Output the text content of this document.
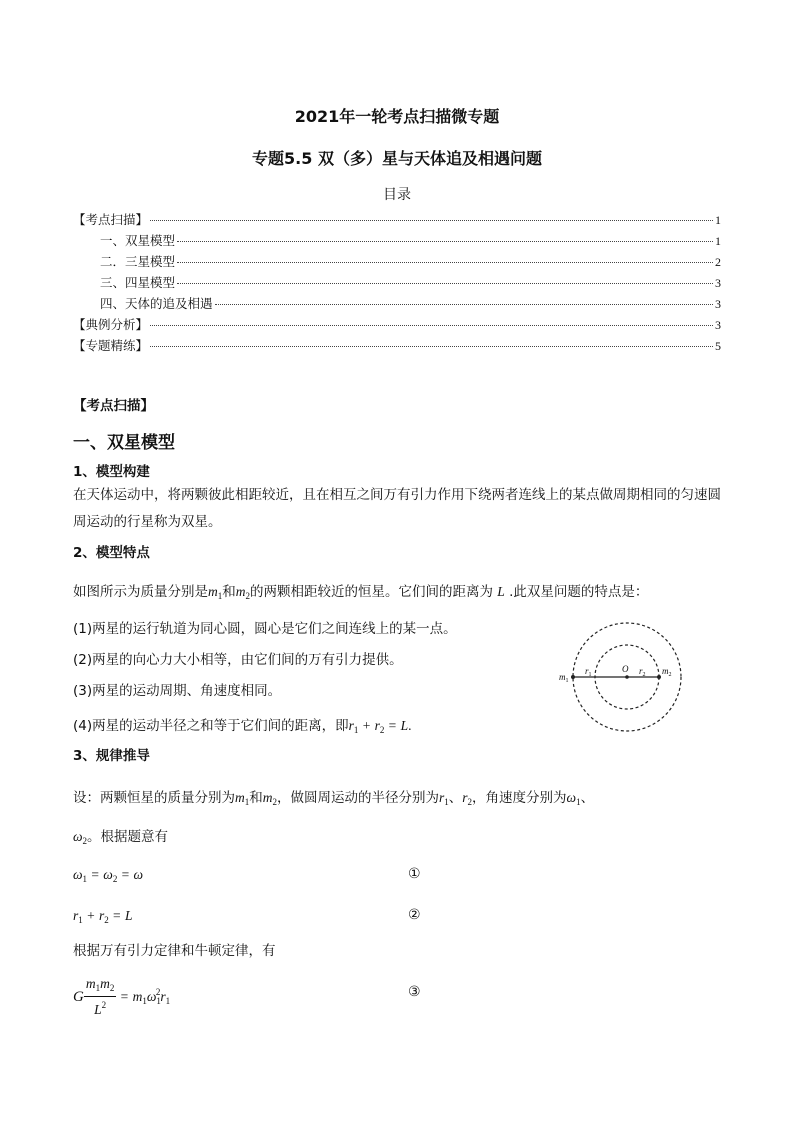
2021年一轮考点扫描微专题
专题5.5 双（多）星与天体追及相遇问题
目录
【考点扫描】	1
一、双星模型	1
二．三星模型	2
三、四星模型	3
四、天体的追及相遇	3
【典例分析】	3
【专题精练】	5
【考点扫描】
一、双星模型
1、模型构建
在天体运动中，将两颗彼此相距较近，且在相互之间万有引力作用下绕两者连线上的某点做周期相同的匀速圆周运动的行星称为双星。
2、模型特点
如图所示为质量分别是$m_1$和$m_2$的两颗相距较近的恒星。它们间的距离为 L .此双星问题的特点是：
(1)两星的运行轨道为同心圆，圆心是它们之间连线上的某一点。
(2)两星的向心力大小相等，由它们间的万有引力提供。
(3)两星的运动周期、角速度相同。
(4)两星的运动半径之和等于它们间的距离，即$r_1 + r_2 = L$.
$m_1$
$r_1$
O $r_2$ $m_2$
3、规律推导
设：两颗恒星的质量分别为$m_1$和$m_2$，做圆周运动的半径分别为$r_1$、$r_2$，角速度分别为$\omega_1$、
$\omega_2$。根据题意有
$\omega_1 = \omega_2 = \omega$	①
$r_1 + r_2 = L$	②
根据万有引力定律和牛顿定律，有
G $\frac{m_1m_2}{L^2} = m_1\omega_1^2r_1$
③
